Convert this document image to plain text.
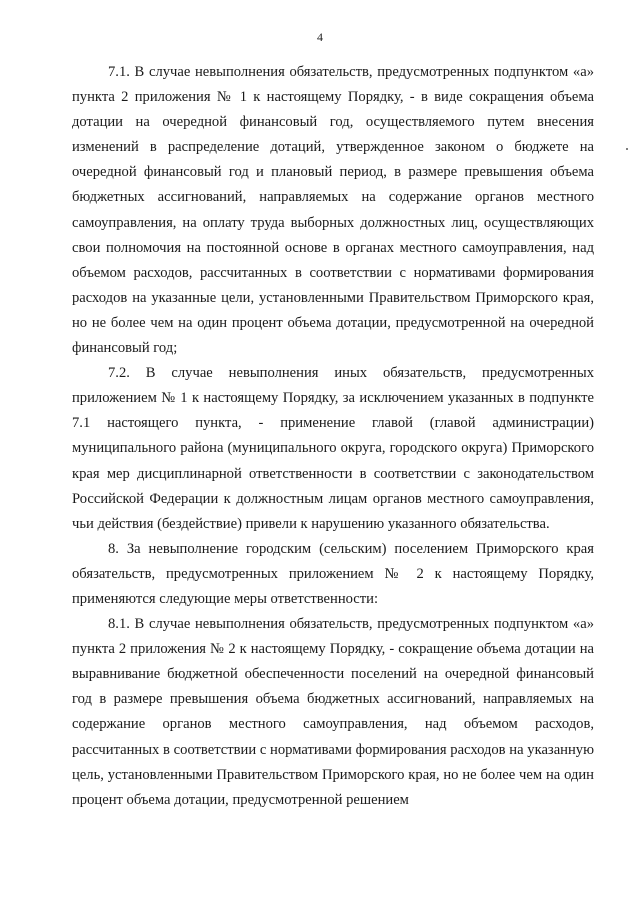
4

7.1. В случае невыполнения обязательств, предусмотренных подпунктом «а» пункта 2 приложения № 1 к настоящему Порядку, - в виде сокращения объема дотации на очередной финансовый год, осуществляемого путем внесения изменений в распределение дотаций, утвержденное законом о бюджете на очередной финансовый год и плановый период, в размере превышения объема бюджетных ассигнований, направляемых на содержание органов местного самоуправления, на оплату труда выборных должностных лиц, осуществляющих свои полномочия на постоянной основе в органах местного самоуправления, над объемом расходов, рассчитанных в соответствии с нормативами формирования расходов на указанные цели, установленными Правительством Приморского края, но не более чем на один процент объема дотации, предусмотренной на очередной финансовый год;

7.2. В случае невыполнения иных обязательств, предусмотренных приложением № 1 к настоящему Порядку, за исключением указанных в подпункте 7.1 настоящего пункта, - применение главой (главой администрации) муниципального района (муниципального округа, городского округа) Приморского края мер дисциплинарной ответственности в соответствии с законодательством Российской Федерации к должностным лицам органов местного самоуправления, чьи действия (бездействие) привели к нарушению указанного обязательства.

8. За невыполнение городским (сельским) поселением Приморского края обязательств, предусмотренных приложением № 2 к настоящему Порядку, применяются следующие меры ответственности:

8.1. В случае невыполнения обязательств, предусмотренных подпунктом «а» пункта 2 приложения № 2 к настоящему Порядку, - сокращение объема дотации на выравнивание бюджетной обеспеченности поселений на очередной финансовый год в размере превышения объема бюджетных ассигнований, направляемых на содержание органов местного самоуправления, над объемом расходов, рассчитанных в соответствии с нормативами формирования расходов на указанную цель, установленными Правительством Приморского края, но не более чем на один процент объема дотации, предусмотренной решением
